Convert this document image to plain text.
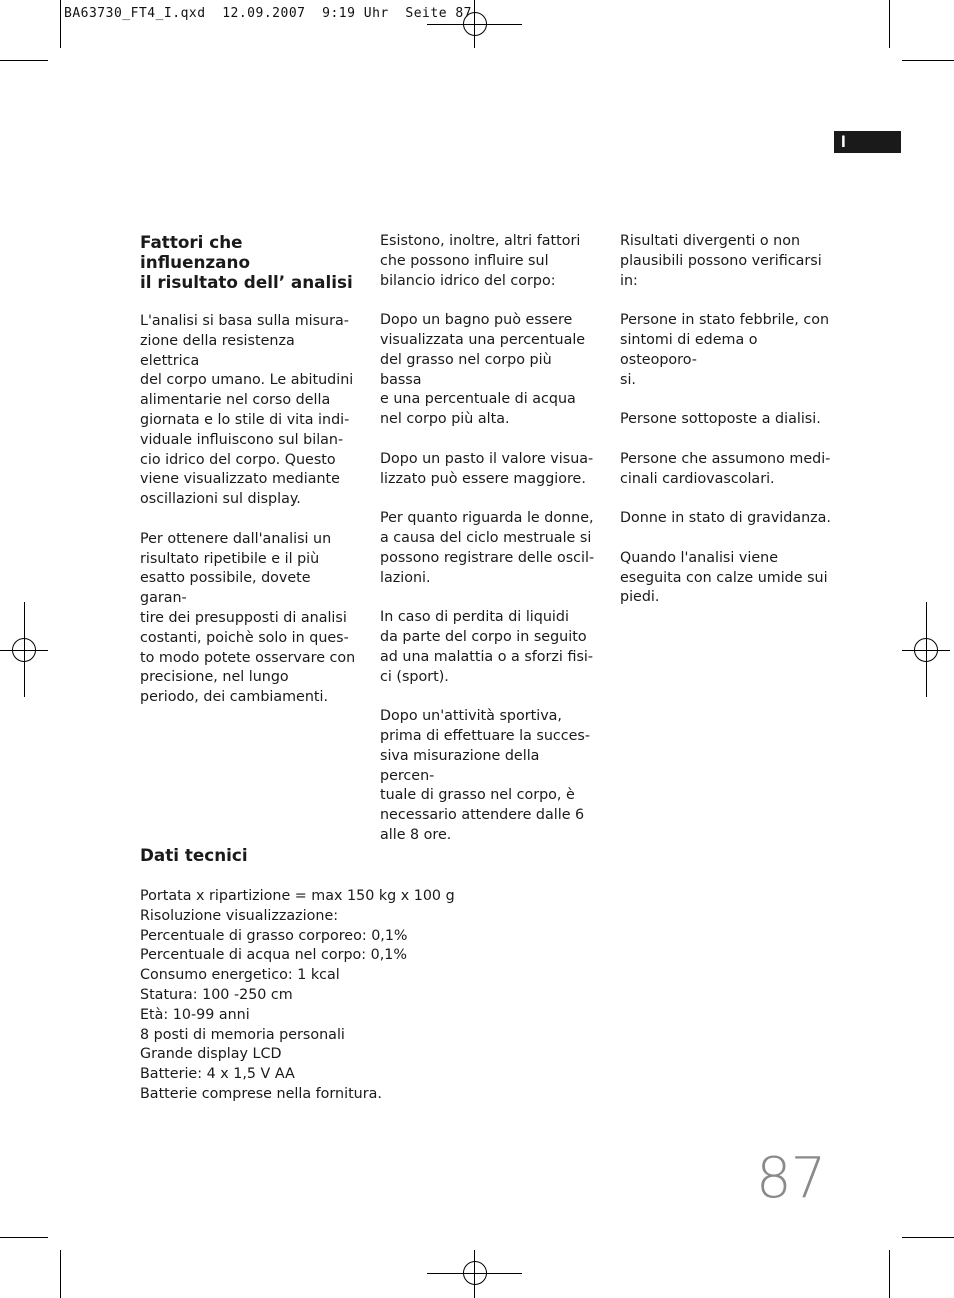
BA63730_FT4_I.qxd  12.09.2007  9:19 Uhr  Seite 87
I
Fattori che influenzano
il risultato dell’ analisi

L'analisi si basa sulla misura-
zione della resistenza elettrica
del corpo umano. Le abitudini
alimentarie nel corso della
giornata e lo stile di vita indi-
viduale influiscono sul bilan-
cio idrico del corpo. Questo
viene visualizzato mediante
oscillazioni sul display.

Per ottenere dall'analisi un
risultato ripetibile e il più
esatto possibile, dovete garan-
tire dei presupposti di analisi
costanti, poichè solo in ques-
to modo potete osservare con
precisione, nel lungo
periodo, dei cambiamenti.

Esistono, inoltre, altri fattori
che possono influire sul
bilancio idrico del corpo:

Dopo un bagno può essere
visualizzata una percentuale
del grasso nel corpo più bassa
e una percentuale di acqua
nel corpo più alta.

Dopo un pasto il valore visua-
lizzato può essere maggiore.

Per quanto riguarda le donne,
a causa del ciclo mestruale si
possono registrare delle oscil-
lazioni.

In caso di perdita di liquidi
da parte del corpo in seguito
ad una malattia o a sforzi fisi-
ci (sport).

Dopo un'attività sportiva,
prima di effettuare la succes-
siva misurazione della percen-
tuale di grasso nel corpo, è
necessario attendere dalle 6
alle 8 ore.

Risultati divergenti o non
plausibili possono verificarsi
in:

Persone in stato febbrile, con
sintomi di edema o osteoporo-
si.

Persone sottoposte a dialisi.

Persone che assumono medi-
cinali cardiovascolari.

Donne in stato di gravidanza.

Quando l'analisi viene
eseguita con calze umide sui
piedi.

Dati tecnici
Portata x ripartizione = max 150 kg x 100 g
Risoluzione visualizzazione:
Percentuale di grasso corporeo: 0,1%
Percentuale di acqua nel corpo: 0,1%
Consumo energetico: 1 kcal
Statura: 100 -250 cm
Età: 10-99 anni
8 posti di memoria personali
Grande display LCD
Batterie: 4 x 1,5 V AA
Batterie comprese nella fornitura.
87
